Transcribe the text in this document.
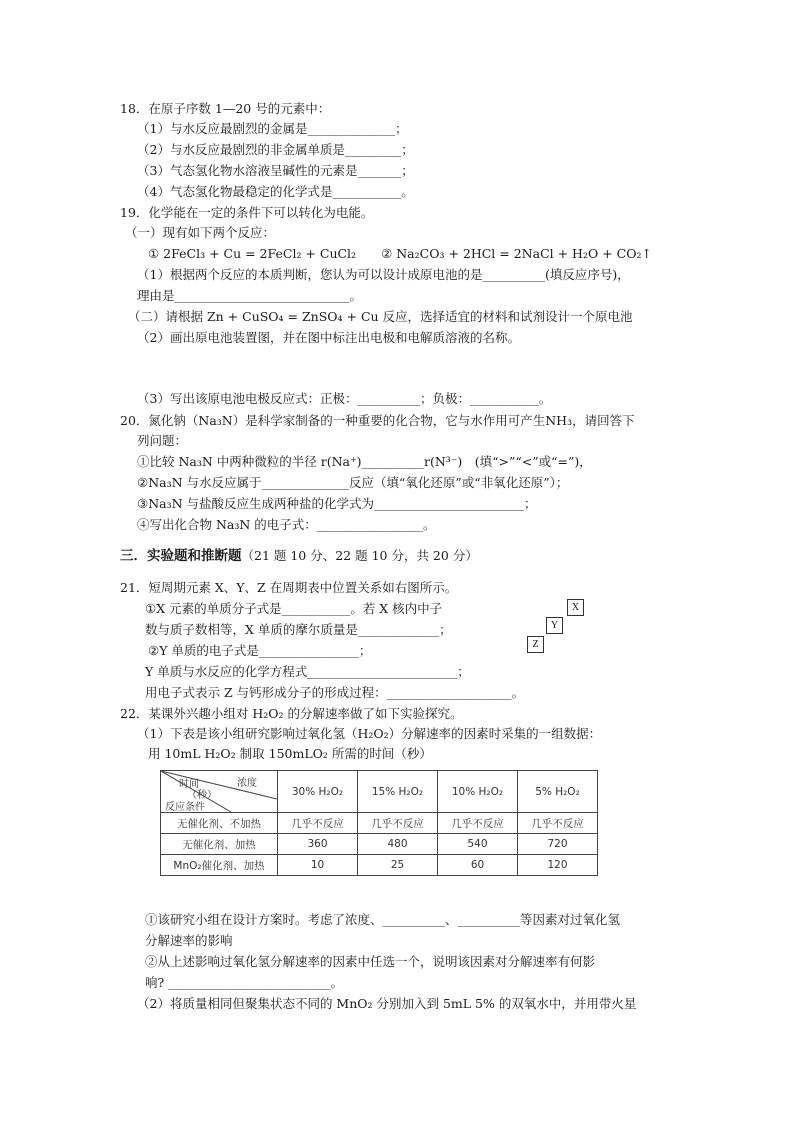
18．在原子序数 1—20 号的元素中：
（1）与水反应最剧烈的金属是______________；
（2）与水反应最剧烈的非金属单质是_________；
（3）气态氢化物水溶液呈碱性的元素是_______；
（4）气态氢化物最稳定的化学式是___________。
19．化学能在一定的条件下可以转化为电能。
（一）现有如下两个反应：
① 2FeCl₃ + Cu = 2FeCl₂ + CuCl₂　　② Na₂CO₃ + 2HCl = 2NaCl + H₂O + CO₂↑
（1）根据两个反应的本质判断，您认为可以设计成原电池的是__________(填反应序号)，
理由是____________________________。
（二）请根据 Zn + CuSO₄ = ZnSO₄ + Cu 反应，选择适宜的材料和试剂设计一个原电池
（2）画出原电池装置图，并在图中标注出电极和电解质溶液的名称。
（3）写出该原电池电极反应式：正极：__________；负极：___________。
20．氮化钠（Na₃N）是科学家制备的一种重要的化合物，它与水作用可产生NH₃，请回答下
列问题：
①比较 Na₃N 中两种微粒的半径 r(Na⁺)__________r(N³⁻)　(填“>”“<”或“=”)，
②Na₃N 与水反应属于______________反应（填“氧化还原”或“非氧化还原”）；
③Na₃N 与盐酸反应生成两种盐的化学式为________________________；
④写出化合物 Na₃N 的电子式：_________________。
三．实验题和推断题（21 题 10 分、22 题 10 分，共 20 分）
21．短周期元素 X、Y、Z 在周期表中位置关系如右图所示。
①X 元素的单质分子式是___________。若 X 核内中子
数与质子数相等，X 单质的摩尔质量是_____________；
②Y 单质的电子式是________________；
Y 单质与水反应的化学方程式________________________；
用电子式表示 Z 与钙形成分子的形成过程：____________________。
X
Y
Z
22．某课外兴趣小组对 H₂O₂ 的分解速率做了如下实验探究。
（1）下表是该小组研究影响过氧化氢（H₂O₂）分解速率的因素时采集的一组数据：
用 10mL H₂O₂ 制取 150mLO₂ 所需的时间（秒）
浓度
时间
（秒）
反应条件	30% H₂O₂	15% H₂O₂	10% H₂O₂	5% H₂O₂
无催化剂、不加热	几乎不反应	几乎不反应	几乎不反应	几乎不反应
无催化剂、加热	360	480	540	720
MnO₂催化剂、加热	10	25	60	120
①该研究小组在设计方案时。考虑了浓度、__________、__________等因素对过氧化氢
分解速率的影响
②从上述影响过氧化氢分解速率的因素中任选一个，说明该因素对分解速率有何影
响? __________________________。
（2）将质量相同但聚集状态不同的 MnO₂ 分别加入到 5mL 5% 的双氧水中，并用带火星
